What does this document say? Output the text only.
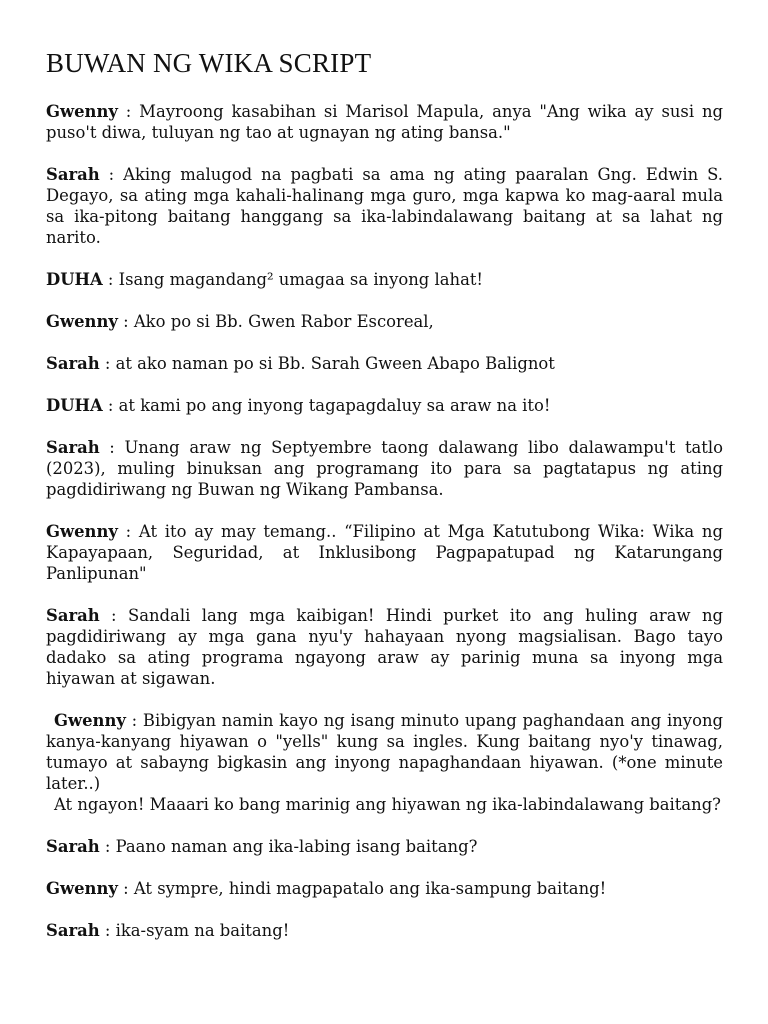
BUWAN NG WIKA SCRIPT

Gwenny : Mayroong kasabihan si Marisol Mapula, anya "Ang wika ay susi ng puso't diwa, tuluyan ng tao at ugnayan ng ating bansa."

Sarah : Aking malugod na pagbati sa ama ng ating paaralan Gng. Edwin S. Degayo, sa ating mga kahali-halinang mga guro, mga kapwa ko mag-aaral mula sa ika-pitong baitang hanggang sa ika-labindalawang baitang at sa lahat ng narito.

DUHA : Isang magandang² umagaa sa inyong lahat!

Gwenny : Ako po si Bb. Gwen Rabor Escoreal,

Sarah : at ako naman po si Bb. Sarah Gween Abapo Balignot

DUHA : at kami po ang inyong tagapagdaluy sa araw na ito!

Sarah : Unang araw ng Septyembre taong dalawang libo dalawampu't tatlo (2023), muling binuksan ang programang ito para sa pagtatapus ng ating pagdidiriwang ng Buwan ng Wikang Pambansa.

Gwenny : At ito ay may temang.. “Filipino at Mga Katutubong Wika: Wika ng Kapayapaan, Seguridad, at Inklusibong Pagpapatupad ng Katarungang Panlipunan"

Sarah : Sandali lang mga kaibigan! Hindi purket ito ang huling araw ng pagdidiriwang ay mga gana nyu'y hahayaan nyong magsialisan. Bago tayo dadako sa ating programa ngayong araw ay parinig muna sa inyong mga hiyawan at sigawan.

Gwenny : Bibigyan namin kayo ng isang minuto upang paghandaan ang inyong kanya-kanyang hiyawan o "yells" kung sa ingles. Kung baitang nyo'y tinawag, tumayo at sabayng bigkasin ang inyong napaghandaan hiyawan. (*one minute later..)
At ngayon! Maaari ko bang marinig ang hiyawan ng ika-labindalawang baitang?

Sarah : Paano naman ang ika-labing isang baitang?

Gwenny : At sympre, hindi magpapatalo ang ika-sampung baitang!

Sarah : ika-syam na baitang!
